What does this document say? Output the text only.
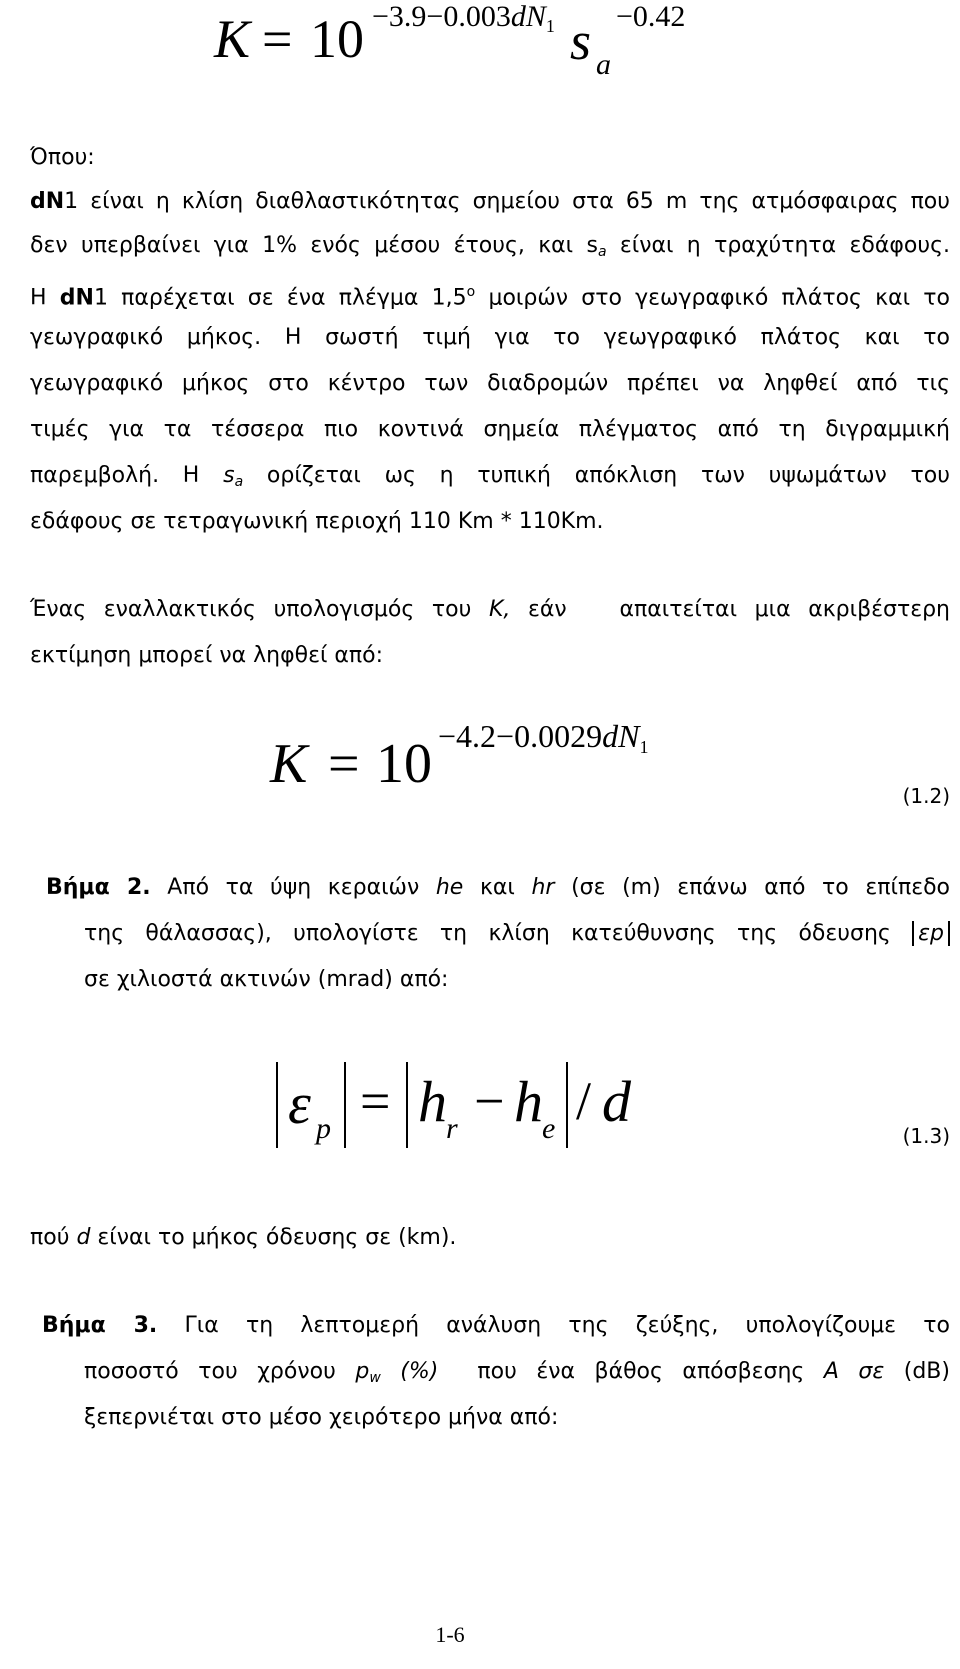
$K = 10 -3.9-0.003dN_1$ s a
−0.42
Όπου:
dN1 είναι η κλίση διαθλαστικότητας σημείου στα 65 m της ατμόσφαιρας που
δεν υπερβαίνει για 1% ενός μέσου έτους, και $s_a$ είναι η τραχύτητα εδάφους.
Η dN1 παρέχεται σε ένα πλέγμα 1,5$^o$ μοιρών στο γεωγραφικό πλάτος και το
γεωγραφικό μήκος. Η σωστή τιμή για το γεωγραφικό πλάτος και το
γεωγραφικό μήκος στο κέντρο των διαδρομών πρέπει να ληφθεί από τις
τιμές για τα τέσσερα πιο κοντινά σημεία πλέγματος από τη διγραμμική
παρεμβολή. Η $s_a$ ορίζεται ως η τυπική απόκλιση των υψωμάτων του
εδάφους σε τετραγωνική περιοχή 110 Km * 110Km.
Ένας εναλλακτικός υπολογισμός του K, εάν   απαιτείται μια ακριβέστερη
εκτίμηση μπορεί να ληφθεί από:
K = 10 −4.2−0.0029dN1
(1.2)
Βήμα 2. Από τα ύψη κεραιών he και hr (σε (m) επάνω από το επίπεδο
της θάλασσας), υπολογίστε τη κλίση κατεύθυνσης της όδευσης εp
σε χιλιοστά ακτινών (mrad) από:
ε p = h r − h e / d
(1.3)
πού d είναι το μήκος όδευσης σε (km).
Βήμα 3. Για τη λεπτομερή ανάλυση της ζεύξης, υπολογίζουμε το
ποσοστό του χρόνου $p_w$ (%)  που ένα βάθος απόσβεσης A σε (dB)
ξεπερνιέται στο μέσο χειρότερο μήνα από:
1-6
